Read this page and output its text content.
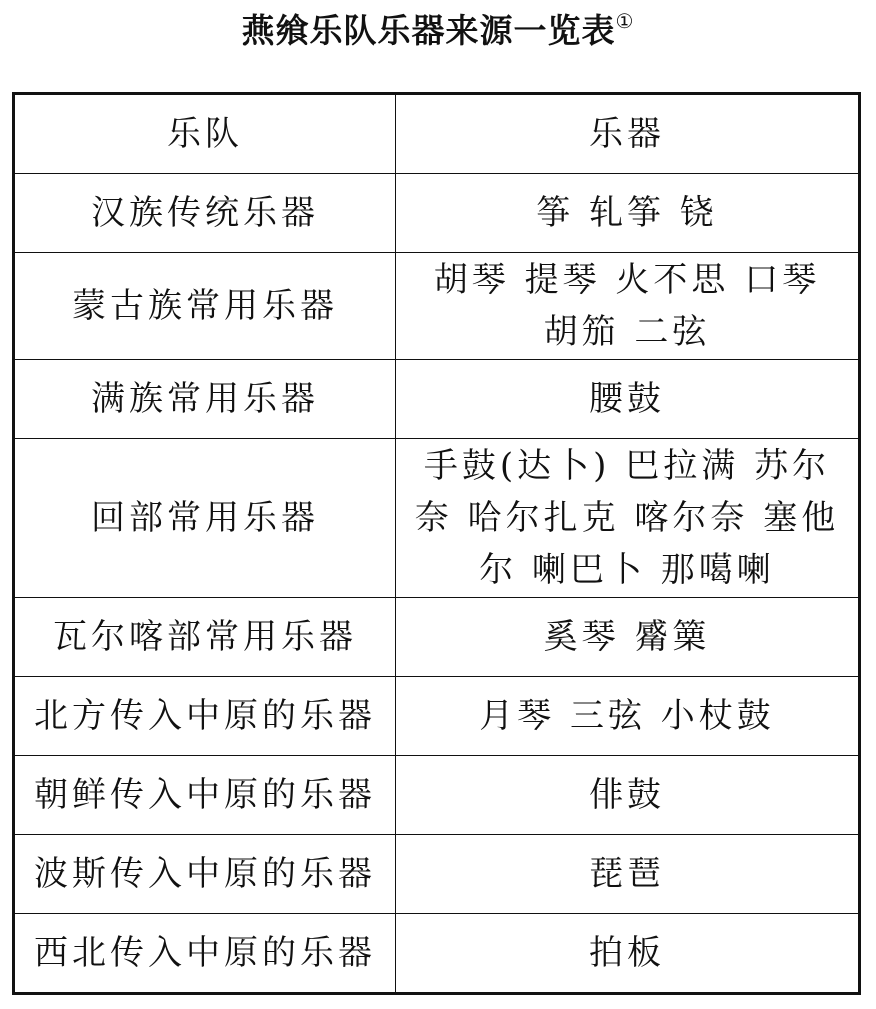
燕飨乐队乐器来源一览表①
乐队	乐器
汉族传统乐器	筝 轧筝 铙
蒙古族常用乐器	胡琴 提琴 火不思 口琴
胡笳 二弦
满族常用乐器	腰鼓
回部常用乐器	手鼓(达卜) 巴拉满 苏尔
奈 哈尔扎克 喀尔奈 塞他
尔 喇巴卜 那噶喇
瓦尔喀部常用乐器	奚琴 觱篥
北方传入中原的乐器	月琴 三弦 小杖鼓
朝鲜传入中原的乐器	俳鼓
波斯传入中原的乐器	琵琶
西北传入中原的乐器	拍板
